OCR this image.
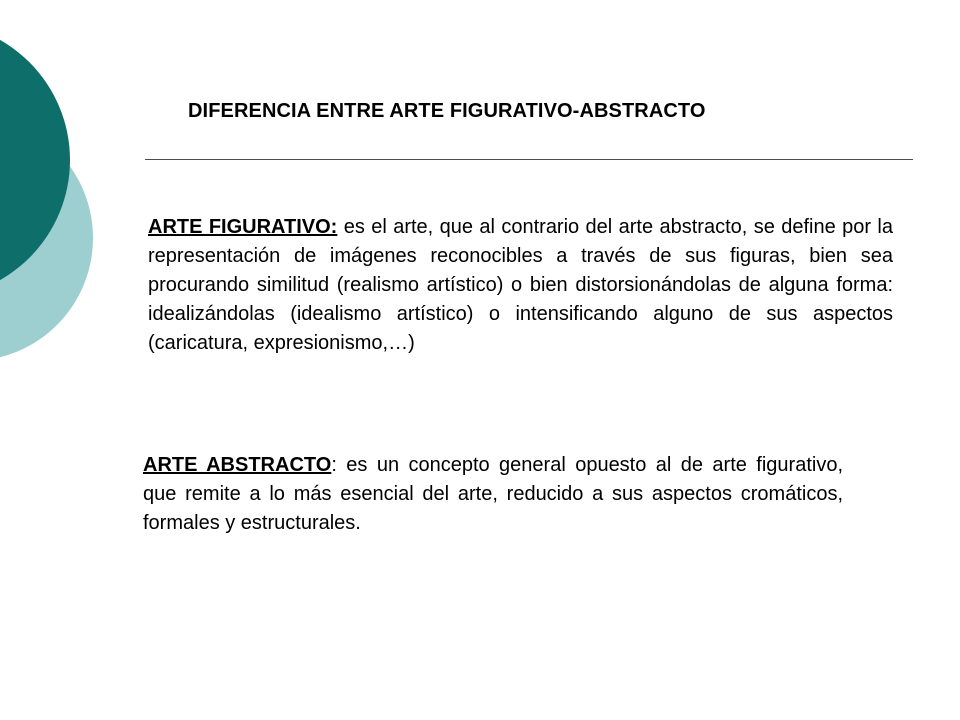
DIFERENCIA ENTRE ARTE FIGURATIVO-ABSTRACTO
ARTE FIGURATIVO: es el arte, que al contrario del arte abstracto, se define por la representación de imágenes reconocibles a través de sus figuras, bien sea procurando similitud (realismo artístico) o bien distorsionándolas de alguna forma: idealizándolas (idealismo artístico) o intensificando alguno de sus aspectos (caricatura, expresionismo,…)
ARTE ABSTRACTO: es un concepto general opuesto al de arte figurativo, que remite a lo más esencial del arte, reducido a sus aspectos cromáticos, formales y estructurales.
